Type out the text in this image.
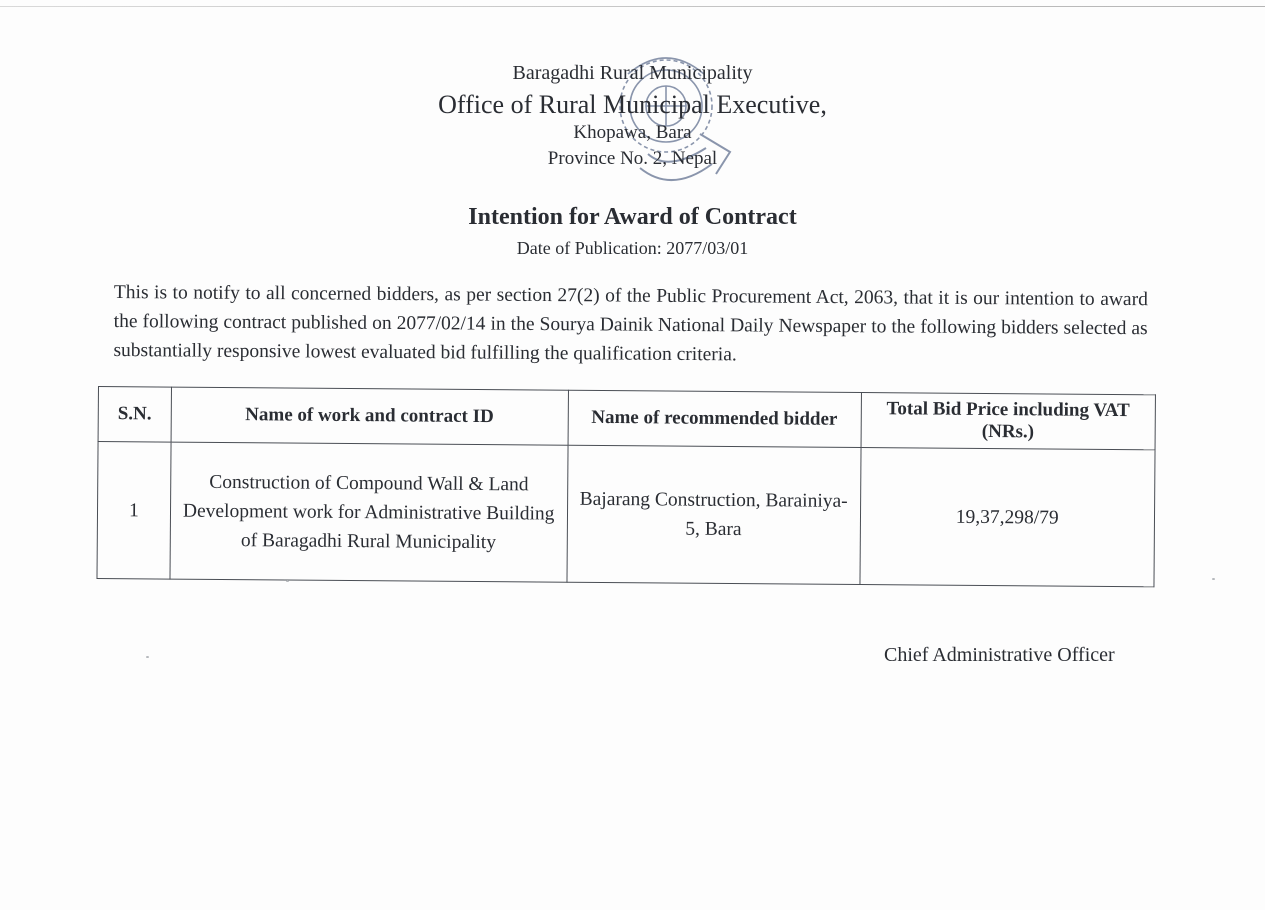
Baragadhi Rural Municipality
Office of Rural Municipal Executive,
Khopawa, Bara
Province No. 2, Nepal
Intention for Award of Contract
Date of Publication: 2077/03/01
This is to notify to all concerned bidders, as per section 27(2) of the Public Procurement Act, 2063, that it is our intention to award the following contract published on 2077/02/14 in the Sourya Dainik National Daily Newspaper to the following bidders selected as substantially responsive lowest evaluated bid fulfilling the qualification criteria.
S.N.	Name of work and contract ID	Name of recommended bidder	Total Bid Price including VAT (NRs.)
1	Construction of Compound Wall & Land Development work for Administrative Building of Baragadhi Rural Municipality	Bajarang Construction, Barainiya-5, Bara	19,37,298/79
Chief Administrative Officer
